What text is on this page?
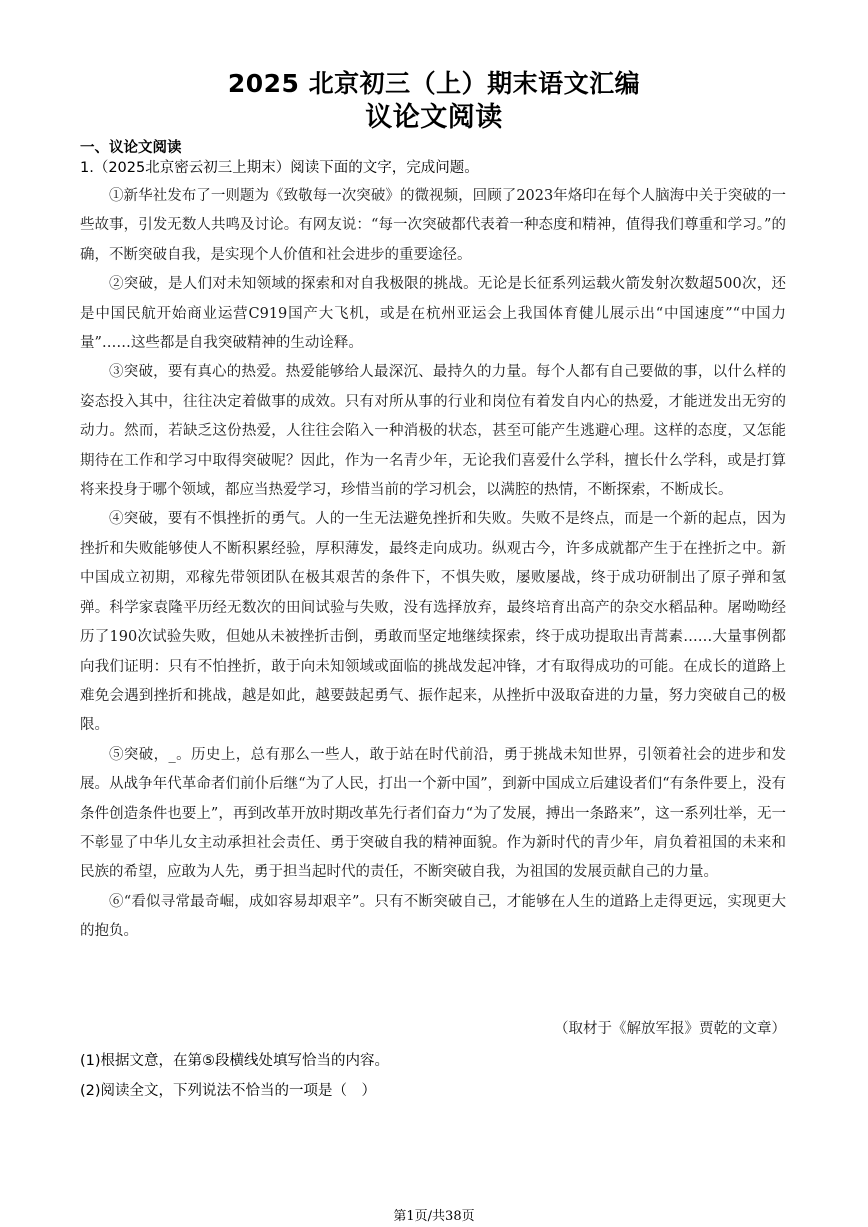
2025 北京初三（上）期末语文汇编
议论文阅读
一、议论文阅读
1.（2025北京密云初三上期末）阅读下面的文字，完成问题。

①新华社发布了一则题为《致敬每一次突破》的微视频，回顾了2023年烙印在每个人脑海中关于突破的一些故事，引发无数人共鸣及讨论。有网友说：“每一次突破都代表着一种态度和精神，值得我们尊重和学习。”的确，不断突破自我，是实现个人价值和社会进步的重要途径。

②突破，是人们对未知领域的探索和对自我极限的挑战。无论是长征系列运载火箭发射次数超500次，还是中国民航开始商业运营C919国产大飞机，或是在杭州亚运会上我国体育健儿展示出“中国速度”“中国力量”……这些都是自我突破精神的生动诠释。

③突破，要有真心的热爱。热爱能够给人最深沉、最持久的力量。每个人都有自己要做的事，以什么样的姿态投入其中，往往决定着做事的成效。只有对所从事的行业和岗位有着发自内心的热爱，才能迸发出无穷的动力。然而，若缺乏这份热爱，人往往会陷入一种消极的状态，甚至可能产生逃避心理。这样的态度，又怎能期待在工作和学习中取得突破呢？因此，作为一名青少年，无论我们喜爱什么学科，擅长什么学科，或是打算将来投身于哪个领域，都应当热爱学习，珍惜当前的学习机会，以满腔的热情，不断探索，不断成长。

④突破，要有不惧挫折的勇气。人的一生无法避免挫折和失败。失败不是终点，而是一个新的起点，因为挫折和失败能够使人不断积累经验，厚积薄发，最终走向成功。纵观古今，许多成就都产生于在挫折之中。新中国成立初期，邓稼先带领团队在极其艰苦的条件下，不惧失败，屡败屡战，终于成功研制出了原子弹和氢弹。科学家袁隆平历经无数次的田间试验与失败，没有选择放弃，最终培育出高产的杂交水稻品种。屠呦呦经历了190次试验失败，但她从未被挫折击倒，勇敢而坚定地继续探索，终于成功提取出青蒿素……大量事例都向我们证明：只有不怕挫折，敢于向未知领域或面临的挑战发起冲锋，才有取得成功的可能。在成长的道路上难免会遇到挫折和挑战，越是如此，越要鼓起勇气、振作起来，从挫折中汲取奋进的力量，努力突破自己的极限。

⑤突破，_。历史上，总有那么一些人，敢于站在时代前沿，勇于挑战未知世界，引领着社会的进步和发展。从战争年代革命者们前仆后继“为了人民，打出一个新中国”，到新中国成立后建设者们“有条件要上，没有条件创造条件也要上”，再到改革开放时期改革先行者们奋力“为了发展，搏出一条路来”，这一系列壮举，无一不彰显了中华儿女主动承担社会责任、勇于突破自我的精神面貌。作为新时代的青少年，肩负着祖国的未来和民族的希望，应敢为人先，勇于担当起时代的责任，不断突破自我，为祖国的发展贡献自己的力量。

⑥“看似寻常最奇崛，成如容易却艰辛”。只有不断突破自己，才能够在人生的道路上走得更远，实现更大的抱负。

（取材于《解放军报》贾乾的文章）
(1)根据文意，在第⑤段横线处填写恰当的内容。
(2)阅读全文，下列说法不恰当的一项是（　）
第1页/共38页
